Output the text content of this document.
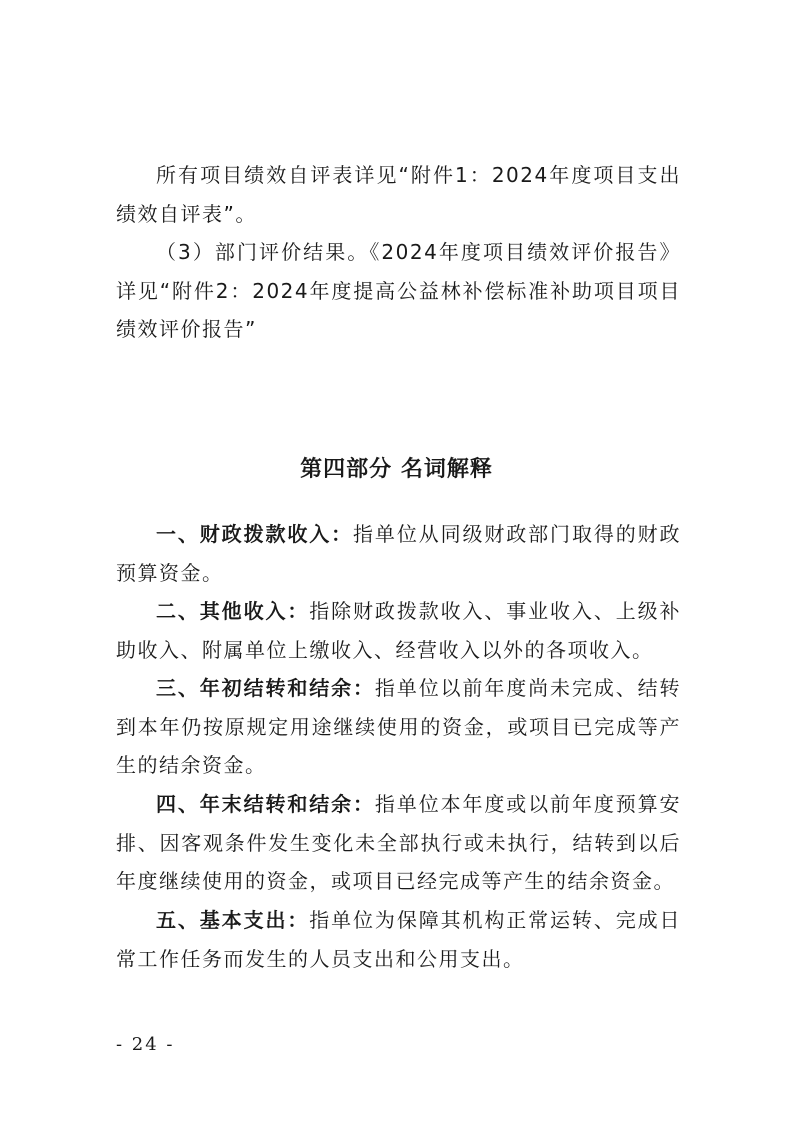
所有项目绩效自评表详见“附件1：2024年度项目支出绩效自评表”。

（3）部门评价结果。《2024年度项目绩效评价报告》详见“附件2：2024年度提高公益林补偿标准补助项目项目绩效评价报告”

第四部分 名词解释

一、财政拨款收入：指单位从同级财政部门取得的财政预算资金。

二、其他收入：指除财政拨款收入、事业收入、上级补助收入、附属单位上缴收入、经营收入以外的各项收入。

三、年初结转和结余：指单位以前年度尚未完成、结转到本年仍按原规定用途继续使用的资金，或项目已完成等产生的结余资金。

四、年末结转和结余：指单位本年度或以前年度预算安排、因客观条件发生变化未全部执行或未执行，结转到以后年度继续使用的资金，或项目已经完成等产生的结余资金。

五、基本支出：指单位为保障其机构正常运转、完成日常工作任务而发生的人员支出和公用支出。

- 24 -
